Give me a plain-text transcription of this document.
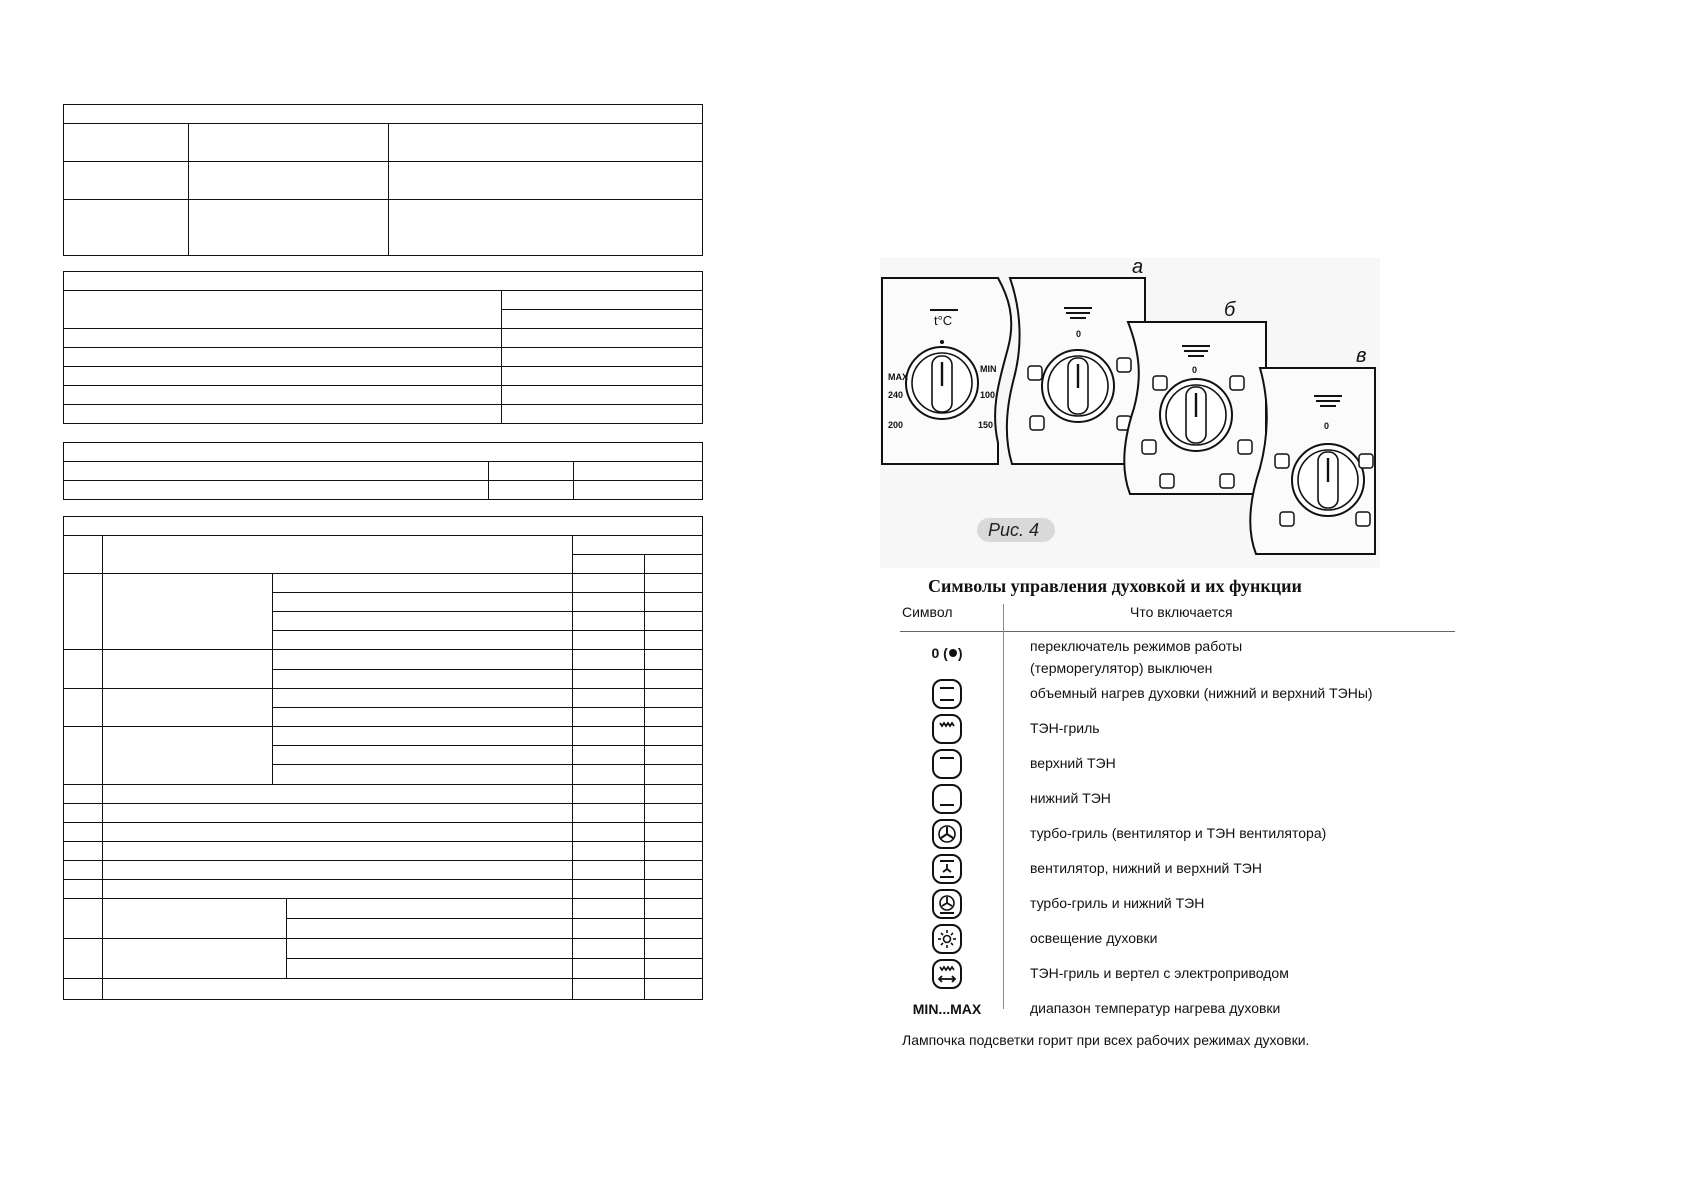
t°C
MAX
240
200
MIN
100
150
а
0
б
0
в
0
Рис. 4
Символы управления духовкой и их функции
Символ	Что включается
0 ( )	переключатель режимов работы
(терморегулятор) выключен
объемный нагрев духовки (нижний и верхний ТЭНы)
ТЭН-гриль
верхний ТЭН
нижний ТЭН
турбо-гриль (вентилятор и ТЭН вентилятора)
вентилятор, нижний и верхний ТЭН
турбо-гриль и нижний ТЭН
освещение духовки
ТЭН-гриль и вертел с электроприводом
MIN...MAX	диапазон температур нагрева духовки
Лампочка подсветки горит при всех рабочих режимах духовки.
